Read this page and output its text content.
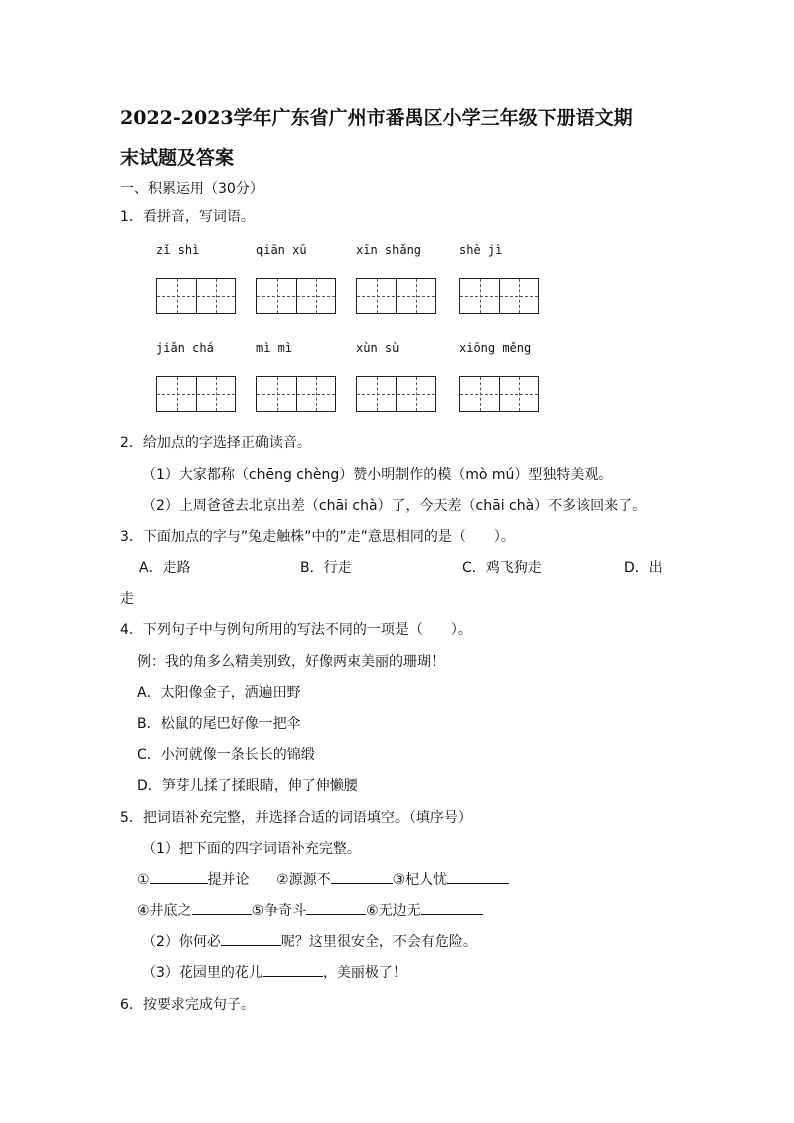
2022-2023学年广东省广州市番禺区小学三年级下册语文期
末试题及答案
一、积累运用（30分）
1．看拼音，写词语。
zǐ shì	qiān xū	xīn shǎng	shè jì
jiǎn chá	mì mì	xùn sù	xiōng měng
2．给加点的字选择正确读音。
（1）大家都称（chēng chèng）赞小明制作的模（mò mú）型独特美观。
（2）上周爸爸去北京出差（chāi chà）了，今天差（chāi chà）不多该回来了。
3．下面加点的字与”兔走触株”中的”走”意思相同的是（　　）。
A．走路	B．行走	C．鸡飞狗走	D．出
走
4．下列句子中与例句所用的写法不同的一项是（　　）。
例：我的角多么精美别致，好像两束美丽的珊瑚！
A．太阳像金子，洒遍田野
B．松鼠的尾巴好像一把伞
C．小河就像一条长长的锦缎
D．笋芽儿揉了揉眼睛，伸了伸懒腰
5．把词语补充完整，并选择合适的词语填空。（填序号）
（1）把下面的四字词语补充完整。
①	提并论 ②源源不	③杞人忧
④井底之	⑤争奇斗	⑥无边无
（2）你何必	呢？这里很安全，不会有危险。
（3）花园里的花儿	，美丽极了！
6．按要求完成句子。
